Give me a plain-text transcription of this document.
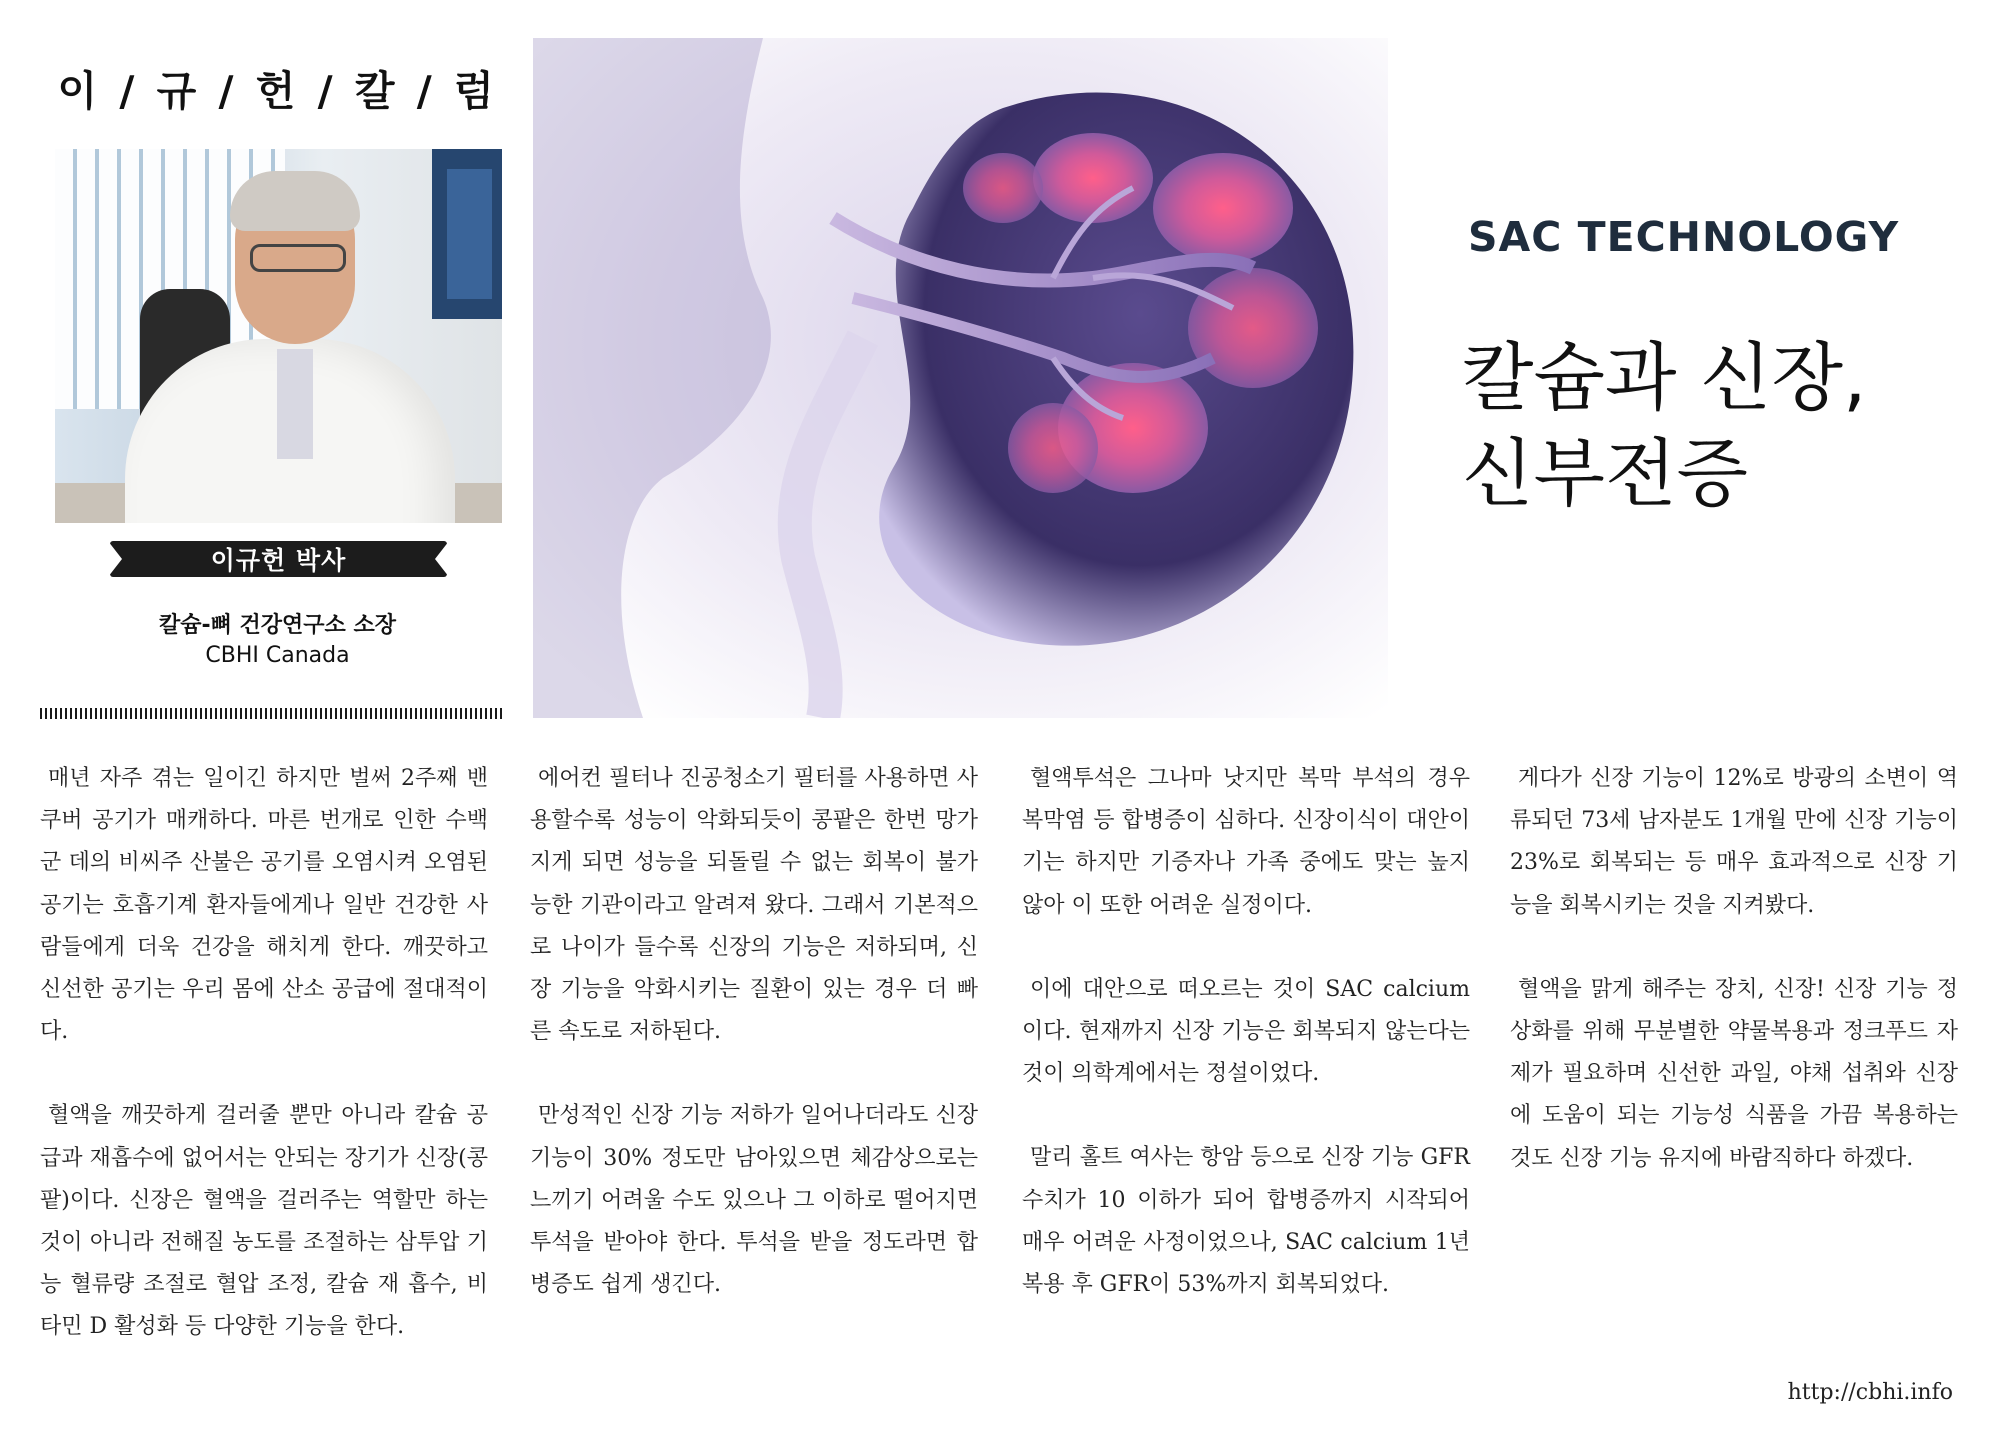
이 / 규 / 헌 / 칼 / 럼
이규헌 박사
칼슘-뼈 건강연구소 소장
CBHI Canada
SAC TECHNOLOGY
칼슘과 신장,
신부전증

매년 자주 겪는 일이긴 하지만 벌써 2주째 밴쿠버 공기가 매캐하다. 마른 번개로 인한 수백군 데의 비씨주 산불은 공기를 오염시켜 오염된 공기는 호흡기계 환자들에게나 일반 건강한 사람들에게 더욱 건강을 해치게 한다. 깨끗하고 신선한 공기는 우리 몸에 산소 공급에 절대적이다.

혈액을 깨끗하게 걸러줄 뿐만 아니라 칼슘 공급과 재흡수에 없어서는 안되는 장기가 신장(콩팥)이다. 신장은 혈액을 걸러주는 역할만 하는 것이 아니라 전해질 농도를 조절하는 삼투압 기능 혈류량 조절로 혈압 조정, 칼슘 재 흡수, 비타민 D 활성화 등 다양한 기능을 한다.

에어컨 필터나 진공청소기 필터를 사용하면 사용할수록 성능이 악화되듯이 콩팥은 한번 망가지게 되면 성능을 되돌릴 수 없는 회복이 불가능한 기관이라고 알려져 왔다. 그래서 기본적으로 나이가 들수록 신장의 기능은 저하되며, 신장 기능을 악화시키는 질환이 있는 경우 더 빠른 속도로 저하된다.

만성적인 신장 기능 저하가 일어나더라도 신장 기능이 30% 정도만 남아있으면 체감상으로는 느끼기 어려울 수도 있으나 그 이하로 떨어지면 투석을 받아야 한다. 투석을 받을 정도라면 합병증도 쉽게 생긴다.

혈액투석은 그나마 낫지만 복막 부석의 경우 복막염 등 합병증이 심하다. 신장이식이 대안이기는 하지만 기증자나 가족 중에도 맞는 높지 않아 이 또한 어려운 실정이다.

이에 대안으로 떠오르는 것이 SAC calcium 이다. 현재까지 신장 기능은 회복되지 않는다는 것이 의학계에서는 정설이었다.

말리 홀트 여사는 항암 등으로 신장 기능 GFR 수치가 10 이하가 되어 합병증까지 시작되어 매우 어려운 사정이었으나, SAC calcium 1년 복용 후 GFR이 53%까지 회복되었다.

게다가 신장 기능이 12%로 방광의 소변이 역류되던 73세 남자분도 1개월 만에 신장 기능이 23%로 회복되는 등 매우 효과적으로 신장 기능을 회복시키는 것을 지켜봤다.

혈액을 맑게 해주는 장치, 신장! 신장 기능 정상화를 위해 무분별한 약물복용과 정크푸드 자제가 필요하며 신선한 과일, 야채 섭취와 신장에 도움이 되는 기능성 식품을 가끔 복용하는 것도 신장 기능 유지에 바람직하다 하겠다.

http://cbhi.info
